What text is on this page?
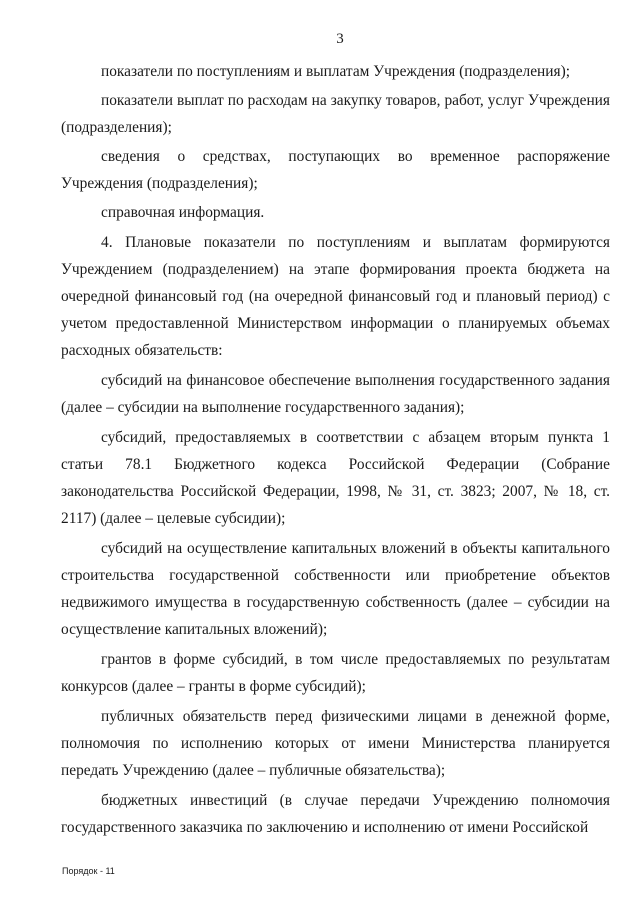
3

показатели по поступлениям и выплатам Учреждения (подразделения);

показатели выплат по расходам на закупку товаров, работ, услуг Учреждения (подразделения);

сведения о средствах, поступающих во временное распоряжение Учреждения (подразделения);

справочная информация.

4. Плановые показатели по поступлениям и выплатам формируются Учреждением (подразделением) на этапе формирования проекта бюджета на очередной финансовый год (на очередной финансовый год и плановый период) с учетом предоставленной Министерством информации о планируемых объемах расходных обязательств:

субсидий на финансовое обеспечение выполнения государственного задания (далее – субсидии на выполнение государственного задания);

субсидий, предоставляемых в соответствии с абзацем вторым пункта 1 статьи 78.1 Бюджетного кодекса Российской Федерации (Собрание законодательства Российской Федерации, 1998, № 31, ст. 3823; 2007, № 18, ст. 2117) (далее – целевые субсидии);

субсидий на осуществление капитальных вложений в объекты капитального строительства государственной собственности или приобретение объектов недвижимого имущества в государственную собственность (далее – субсидии на осуществление капитальных вложений);

грантов в форме субсидий, в том числе предоставляемых по результатам конкурсов (далее – гранты в форме субсидий);

публичных обязательств перед физическими лицами в денежной форме, полномочия по исполнению которых от имени Министерства планируется передать Учреждению (далее – публичные обязательства);

бюджетных инвестиций (в случае передачи Учреждению полномочия государственного заказчика по заключению и исполнению от имени Российской

Порядок - 11
